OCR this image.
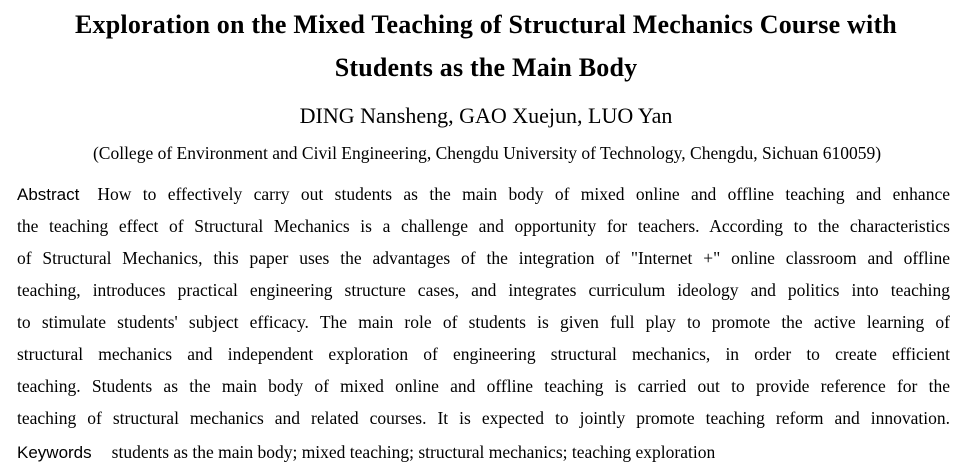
Exploration on the Mixed Teaching of Structural Mechanics Course with
Students as the Main Body
DING Nansheng, GAO Xuejun, LUO Yan
(College of Environment and Civil Engineering, Chengdu University of Technology, Chengdu, Sichuan 610059)
Abstract How to effectively carry out students as the main body of mixed online and offline teaching and enhance
the teaching effect of Structural Mechanics is a challenge and opportunity for teachers. According to the characteristics
of Structural Mechanics, this paper uses the advantages of the integration of "Internet +" online classroom and offline
teaching, introduces practical engineering structure cases, and integrates curriculum ideology and politics into teaching
to stimulate students' subject efficacy. The main role of students is given full play to promote the active learning of
structural mechanics and independent exploration of engineering structural mechanics, in order to create efficient
teaching. Students as the main body of mixed online and offline teaching is carried out to provide reference for the
teaching of structural mechanics and related courses. It is expected to jointly promote teaching reform and innovation.
Keywords students as the main body; mixed teaching; structural mechanics; teaching exploration
